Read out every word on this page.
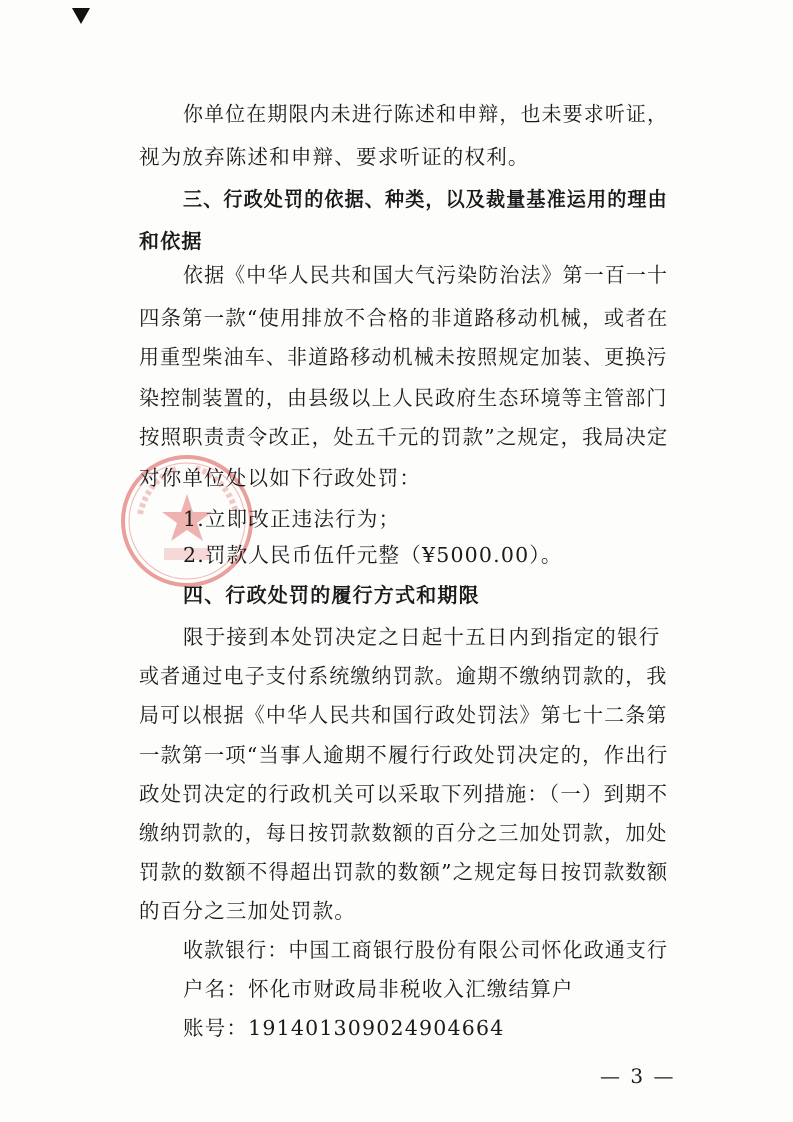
你单位在期限内未进行陈述和申辩，也未要求听证，
视为放弃陈述和申辩、要求听证的权利。
三、行政处罚的依据、种类，以及裁量基准运用的理由
和依据
依据《中华人民共和国大气污染防治法》第一百一十
四条第一款“使用排放不合格的非道路移动机械，或者在
用重型柴油车、非道路移动机械未按照规定加装、更换污
染控制装置的，由县级以上人民政府生态环境等主管部门
按照职责责令改正，处五千元的罚款”之规定，我局决定
对你单位处以如下行政处罚：
1.立即改正违法行为；
2.罚款人民币伍仟元整（¥5000.00）。
四、行政处罚的履行方式和期限
限于接到本处罚决定之日起十五日内到指定的银行
或者通过电子支付系统缴纳罚款。逾期不缴纳罚款的，我
局可以根据《中华人民共和国行政处罚法》第七十二条第
一款第一项“当事人逾期不履行行政处罚决定的，作出行
政处罚决定的行政机关可以采取下列措施：（一）到期不
缴纳罚款的，每日按罚款数额的百分之三加处罚款，加处
罚款的数额不得超出罚款的数额”之规定每日按罚款数额
的百分之三加处罚款。
收款银行：中国工商银行股份有限公司怀化政通支行
户名：怀化市财政局非税收入汇缴结算户
账号：191401309024904664
— 3 —
